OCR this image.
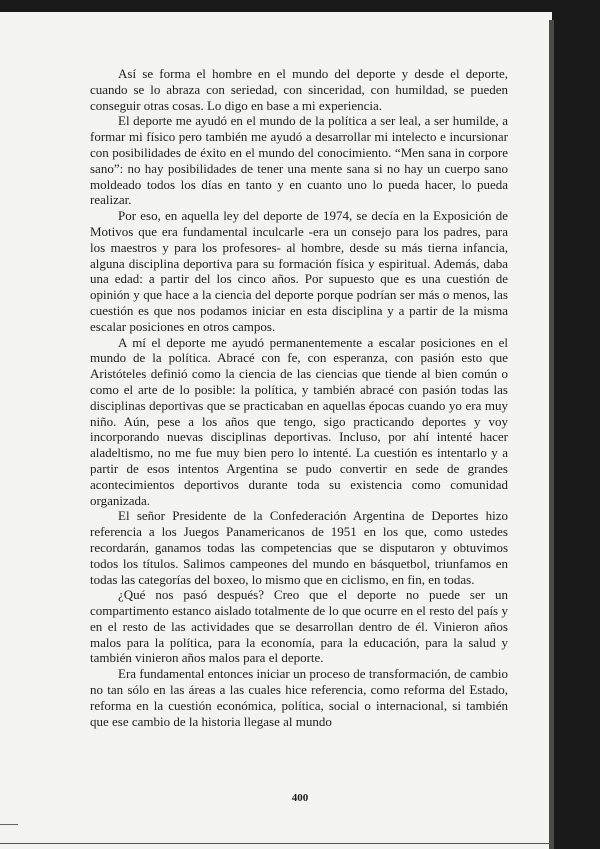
Así se forma el hombre en el mundo del deporte y desde el deporte, cuando se lo abraza con seriedad, con sinceridad, con humildad, se pueden conseguir otras cosas. Lo digo en base a mi experiencia.

El deporte me ayudó en el mundo de la política a ser leal, a ser humilde, a formar mi físico pero también me ayudó a desarrollar mi intelecto e incursionar con posibilidades de éxito en el mundo del conocimiento. “Men sana in corpore sano”: no hay posibilidades de tener una mente sana si no hay un cuerpo sano moldeado todos los días en tanto y en cuanto uno lo pueda hacer, lo pueda realizar.

Por eso, en aquella ley del deporte de 1974, se decía en la Exposición de Motivos que era fundamental inculcarle -era un consejo para los padres, para los maestros y para los profesores- al hombre, desde su más tierna infancia, alguna disciplina deportiva para su formación física y espiritual. Además, daba una edad: a partir del los cinco años. Por supuesto que es una cuestión de opinión y que hace a la ciencia del deporte porque podrían ser más o menos, las cuestión es que nos podamos iniciar en esta disciplina y a partir de la misma escalar posiciones en otros campos.

A mí el deporte me ayudó permanentemente a escalar posiciones en el mundo de la política. Abracé con fe, con esperanza, con pasión esto que Aristóteles definió como la ciencia de las ciencias que tiende al bien común o como el arte de lo posible: la política, y también abracé con pasión todas las disciplinas deportivas que se practicaban en aquellas épocas cuando yo era muy niño. Aún, pese a los años que tengo, sigo practicando deportes y voy incorporando nuevas disciplinas deportivas. Incluso, por ahí intenté hacer aladeltismo, no me fue muy bien pero lo intenté. La cuestión es intentarlo y a partir de esos intentos Argentina se pudo convertir en sede de grandes acontecimientos deportivos durante toda su existencia como comunidad organizada.

El señor Presidente de la Confederación Argentina de Deportes hizo referencia a los Juegos Panamericanos de 1951 en los que, como ustedes recordarán, ganamos todas las competencias que se disputaron y obtuvimos todos los títulos. Salimos campeones del mundo en básquetbol, triunfamos en todas las categorías del boxeo, lo mismo que en ciclismo, en fin, en todas.

¿Qué nos pasó después? Creo que el deporte no puede ser un compartimento estanco aislado totalmente de lo que ocurre en el resto del país y en el resto de las actividades que se desarrollan dentro de él. Vinieron años malos para la política, para la economía, para la educación, para la salud y también vinieron años malos para el deporte.

Era fundamental entonces iniciar un proceso de transformación, de cambio no tan sólo en las áreas a las cuales hice referencia, como reforma del Estado, reforma en la cuestión económica, política, social o internacional, si también que ese cambio de la historia llegase al mundo

400
